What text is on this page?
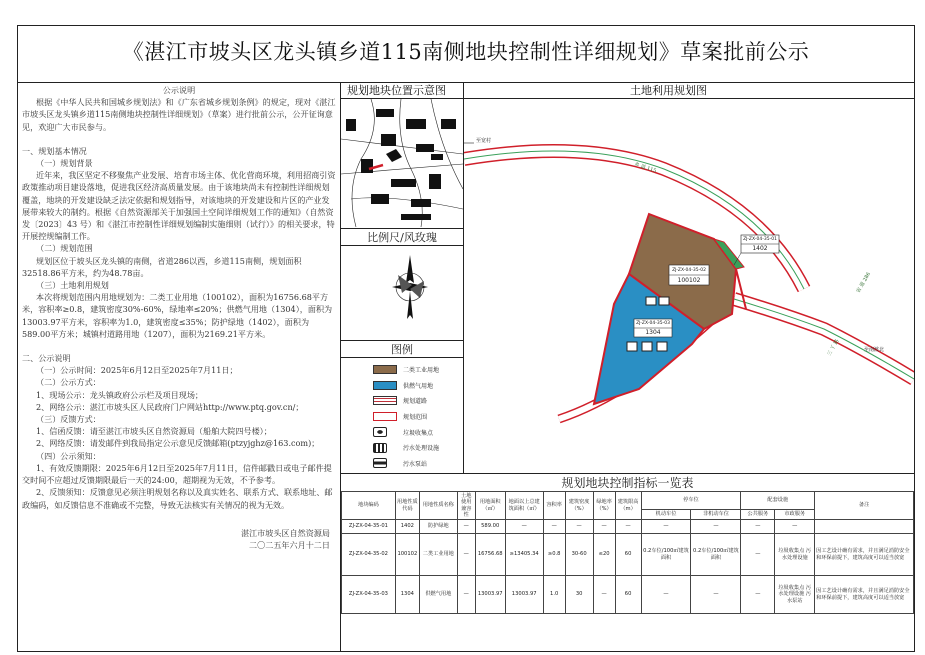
《湛江市坡头区龙头镇乡道115南侧地块控制性详细规划》草案批前公示

公示说明

根据《中华人民共和国城乡规划法》和《广东省城乡规划条例》的规定，现对《湛江市坡头区龙头镇乡道115南侧地块控制性详细规划》（草案）进行批前公示，公开征询意见，欢迎广大市民参与。

一、规划基本情况

（一）规划背景

近年来，我区坚定不移聚焦产业发展、培育市场主体、优化营商环境，利用招商引资政策推动项目建设落地，促进我区经济高质量发展。由于该地块尚未有控制性详细规划覆盖，地块的开发建设缺乏法定依据和规划指导，对该地块的开发建设和片区的产业发展带来较大的制约。根据《自然资源部关于加强国土空间详细规划工作的通知》（自然资发〔2023〕43 号）和《湛江市控制性详细规划编制实施细则（试行）》的相关要求，特开展控规编制工作。

（二）规划范围

规划区位于坡头区龙头镇的南侧，省道286以西，乡道115南侧，规划面积32518.86平方米，约为48.78亩。

（三）土地利用规划

本次将规划范围内用地规划为：二类工业用地（100102），面积为16756.68平方米，容积率≥0.8，建筑密度30%-60%，绿地率≤20%；供燃气用地（1304），面积为13003.97平方米，容积率为1.0，建筑密度≤35%；防护绿地（1402），面积为589.00平方米；城镇村道路用地（1207），面积为2169.21平方米。

二、公示说明

（一）公示时间：2025年6月12日至2025年7月11日；

（二）公示方式：

1、现场公示：龙头镇政府公示栏及项目现场；

2、网络公示：湛江市坡头区人民政府门户网站http://www.ptq.gov.cn/；

（三）反馈方式：

1、信函反馈：请至湛江市坡头区自然资源局（船舶大院四号楼）；

2、网络反馈：请发邮件到我局指定公示意见反馈邮箱(ptzyjghz@163.com)；

（四）公示须知：

1、有效反馈期限：2025年6月12日至2025年7月11日，信件邮戳日或电子邮件提交时间不应超过反馈期限最后一天的24:00，超期视为无效，不予参考。

2、反馈须知：反馈意见必须注明规划名称以及真实姓名、联系方式、联系地址、邮政编码，如反馈信息不准确或不完整，导致无法核实有关情况的视为无效。

湛江市坡头区自然资源局

二〇二五年六月十二日

规划地块位置示意图	土地利用规划图
比例尺/风玫瑰
图例
二类工业用地
供燃气用地
规划道路
规划范围
垃圾收集点
污水处理设施
污水泵站
至宽村
乡 道 115
省 道 286
三 丫 路	至南渡北
ZJ-ZX-04-35-02
100102
ZJ-ZX-04-35-03
1304
ZJ-ZX-04-35-01
1402
规划地块控制指标一览表
地块编码	用地性质代码	用地性质名称	土地使用兼容性	用地面积（㎡）	地面以上总建筑面积（㎡）	容积率	建筑密度（%）	绿地率（%）	建筑限高（m）	停车位		配套设施		备注
										机动车位	非机动车位	公共服务	市政服务	
ZJ-ZX-04-35-01	1402	防护绿地	—	589.00	—	—	—	—	—	—	—	—	—	
ZJ-ZX-04-35-02	100102	二类工业用地	—	16756.68	≥13405.34	≥0.8	30-60	≤20	60	0.2车位/100㎡建筑面积	0.2车位/100㎡建筑面积	—	垃圾收集点 污水处理设施	因工艺设计确有需求，并且满足消防安全和环保前提下，建筑高度可以适当放宽
ZJ-ZX-04-35-03	1304	供燃气用地	—	13003.97	13003.97	1.0	30	—	60	—	—	—	垃圾收集点 污水处理设施 污水泵站	因工艺设计确有需求，并且满足消防安全和环保前提下，建筑高度可以适当放宽
